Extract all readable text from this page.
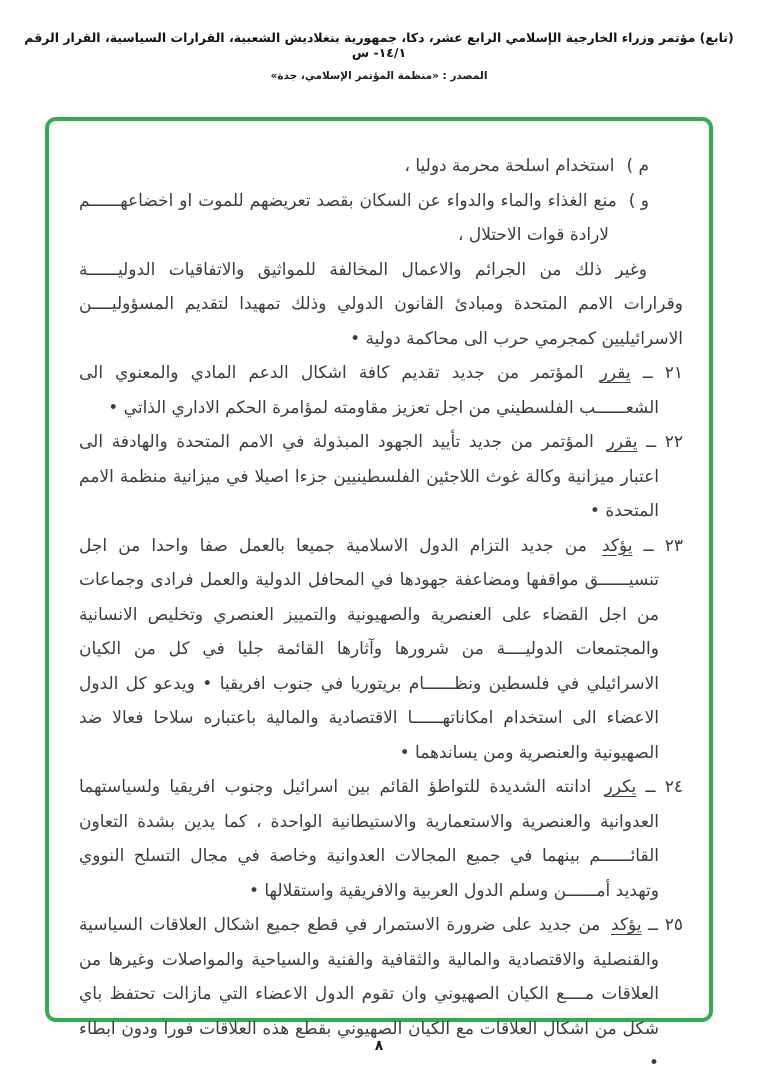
(تابع) مؤتمر وزراء الخارجية الإسلامي الرابع عشر، دكا، جمهورية بنغلاديش الشعبية، القرارات السياسية، القرار الرقم ١٤/١- س
المصدر : «منظمة المؤتمر الإسلامي، جدة»

م )استخدام اسلحة محرمة دوليا ،

و )منع الغذاء والماء والدواء عن السكان بقصد تعريضهم للموت او اخضاعهــــــم لارادة قوات الاحتلال ،

وغير ذلك من الجرائم والاعمال المخالفة للمواثيق والاتفاقيات الدوليــــــة وقرارات الامم المتحدة ومبادئ القانون الدولي وذلك تمهيدا لتقديم المسؤوليــــن الاسرائيليين كمجرمي حرب الى محاكمة دولية •

٢١ ــ يقرر المؤتمر من جديد تقديم كافة اشكال الدعم المادي والمعنوي الى الشعــــــب الفلسطيني من اجل تعزيز مقاومته لمؤامرة الحكم الاداري الذاتي •

٢٢ ــ يقرر المؤتمر من جديد تأييد الجهود المبذولة في الامم المتحدة والهادفة الى اعتبار ميزانية وكالة غوث اللاجئين الفلسطينيين جزءا اصيلا في ميزانية منظمة الامم المتحدة •

٢٣ ــ يؤكد من جديد التزام الدول الاسلامية جميعا بالعمل صفا واحدا من اجل تنسيــــــق مواقفها ومضاعفة جهودها في المحافل الدولية والعمل فرادى وجماعات من اجل القضاء على العنصرية والصهيونية والتمييز العنصري وتخليص الانسانية والمجتمعات الدوليــــة من شرورها وآثارها القائمة جليا في كل من الكيان الاسرائيلي في فلسطين ونظــــــام بريتوريا في جنوب افريقيا • ويدعو كل الدول الاعضاء الى استخدام امكاناتهــــــا الاقتصادية والمالية باعتباره سلاحا فعالا ضد الصهيونية والعنصرية ومن يساندهما •

٢٤ ــ يكرر ادانته الشديدة للتواطؤ القائم بين اسرائيل وجنوب افريقيا ولسياستهما العدوانية والعنصرية والاستعمارية والاستيطانية الواحدة ، كما يدين بشدة التعاون القائــــــم بينهما في جميع المجالات العدوانية وخاصة في مجال التسلح النووي وتهديد أمــــــن وسلم الدول العربية والافريقية واستقلالها •

٢٥ ــ يؤكد من جديد على ضرورة الاستمرار في قطع جميع اشكال العلاقات السياسية والقنصلية والاقتصادية والمالية والثقافية والفنية والسياحية والمواصلات وغيرها من العلاقات مــــع الكيان الصهيوني وان تقوم الدول الاعضاء التي مازالت تحتفظ باي شكل من اشكال العلاقات مع الكيان الصهيوني بقطع هذه العلاقات فورا ودون ابطاء •

٨
